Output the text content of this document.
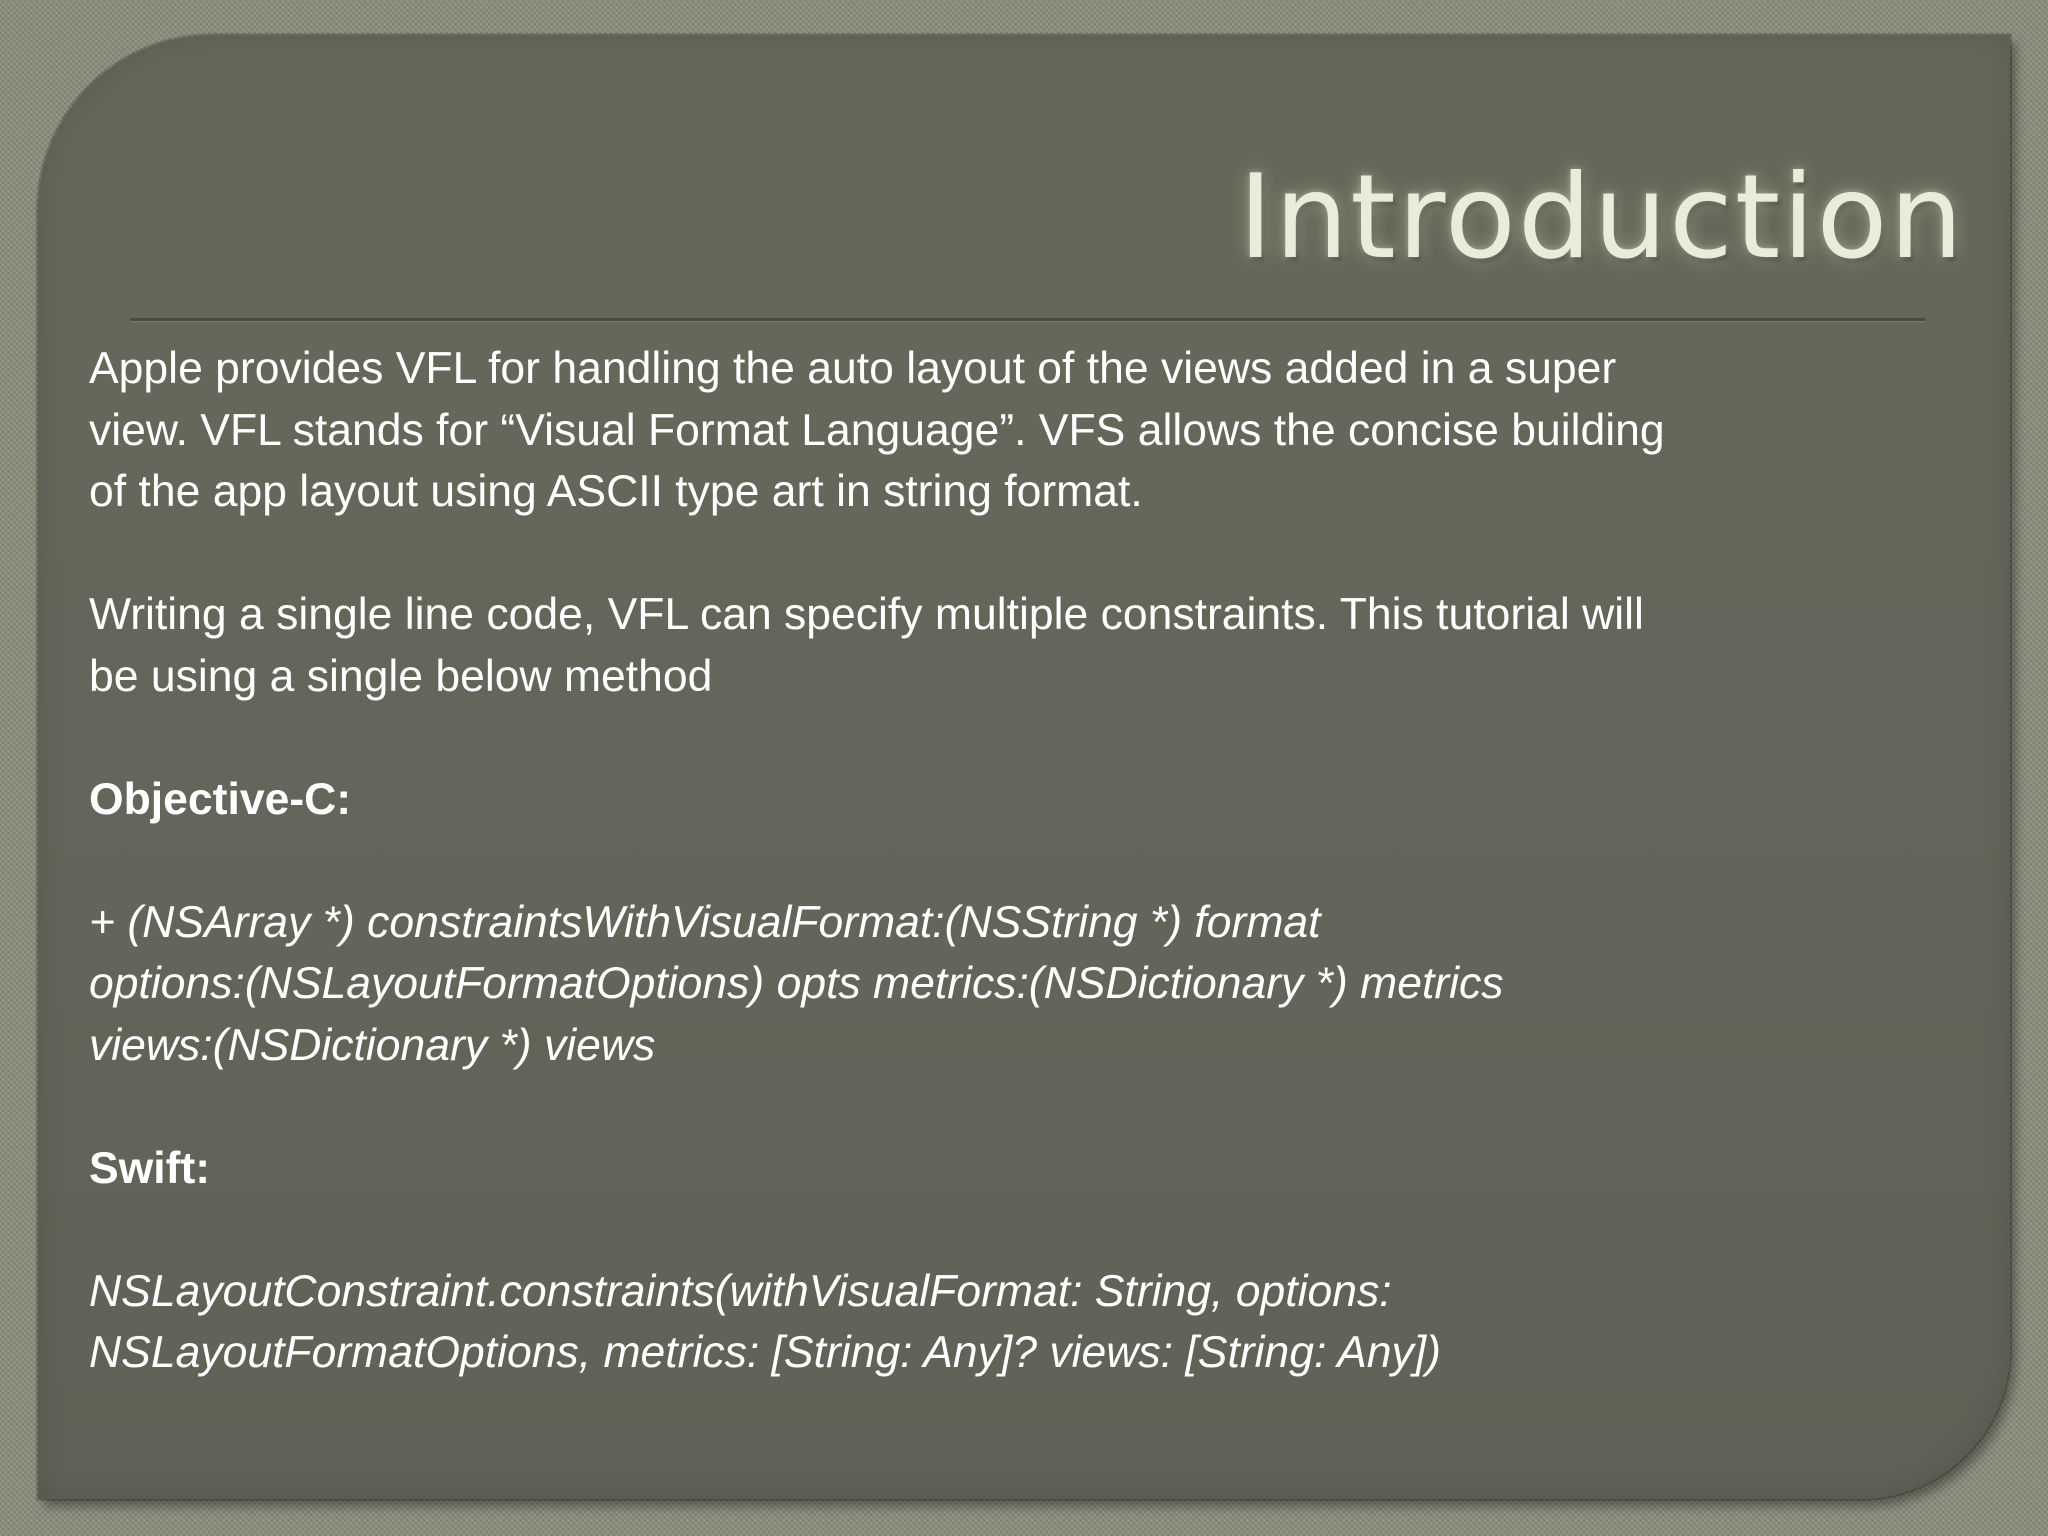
Introduction

Apple provides VFL for handling the auto layout of the views added in a super

view. VFL stands for “Visual Format Language”. VFS allows the concise building

of the app layout using ASCII type art in string format.

Writing a single line code, VFL can specify multiple constraints. This tutorial will

be using a single below method

Objective-C:

+ (NSArray *) constraintsWithVisualFormat:(NSString *) format

options:(NSLayoutFormatOptions) opts metrics:(NSDictionary *) metrics

views:(NSDictionary *) views

Swift:

NSLayoutConstraint.constraints(withVisualFormat: String, options:

NSLayoutFormatOptions, metrics: [String: Any]? views: [String: Any])
